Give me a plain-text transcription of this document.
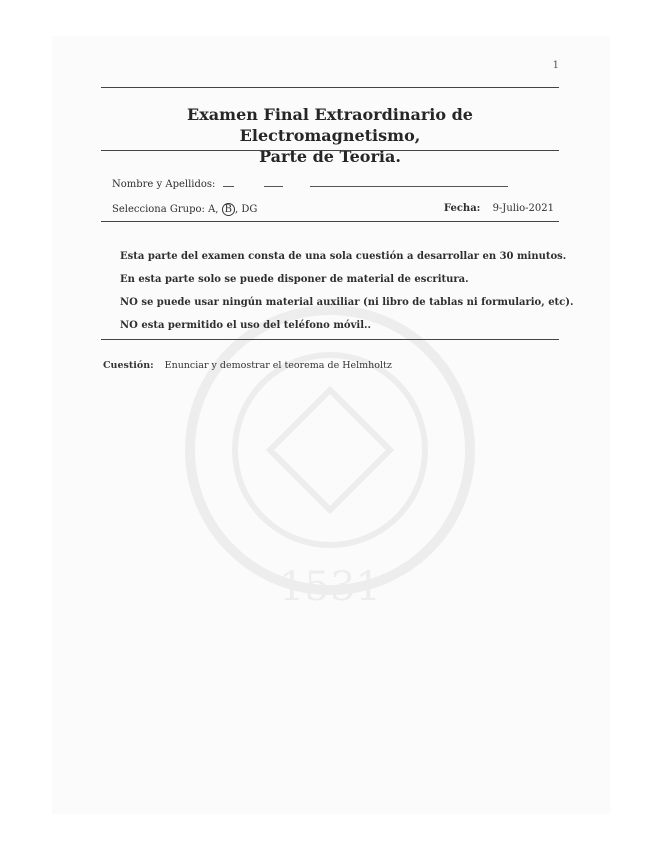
1531
1
Examen Final Extraordinario de Electromagnetismo,
Parte de Teoria.
Nombre y Apellidos:
Selecciona Grupo: A, B , DG	Fecha: 9-Julio-2021
Esta parte del examen consta de una sola cuestión a desarrollar en 30 minutos.
En esta parte solo se puede disponer de material de escritura.
NO se puede usar ningún material auxiliar (ni libro de tablas ni formulario, etc).
NO esta permitido el uso del teléfono móvil..
Cuestión: Enunciar y demostrar el teorema de Helmholtz
